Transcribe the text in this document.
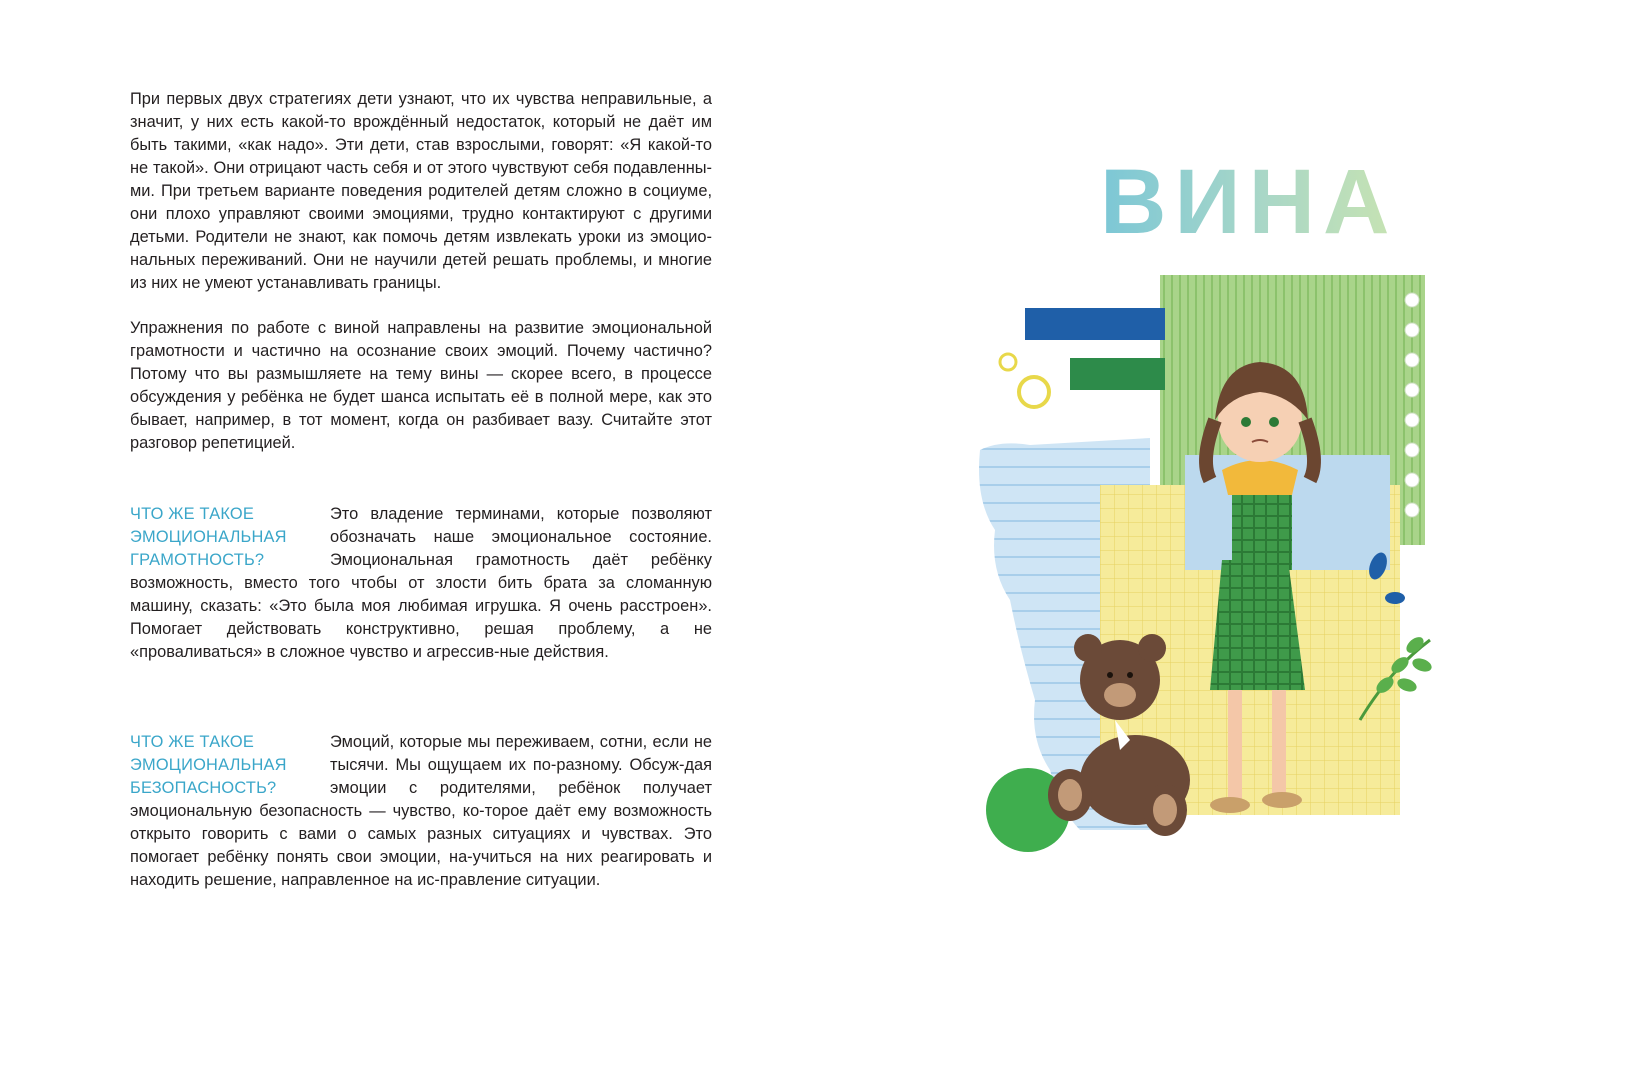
При первых двух стратегиях дети узнают, что их чувства неправильные, а значит, у них есть какой-то врождённый недостаток, который не даёт им быть такими, «как надо». Эти дети, став взрослыми, говорят: «Я какой-то не такой». Они отрицают часть себя и от этого чувствуют себя подавленны-ми. При третьем варианте поведения родителей детям сложно в социуме, они плохо управляют своими эмоциями, трудно контактируют с другими детьми. Родители не знают, как помочь детям извлекать уроки из эмоцио-нальных переживаний. Они не научили детей решать проблемы, и многие из них не умеют устанавливать границы.

Упражнения по работе с виной направлены на развитие эмоциональной грамотности и частично на осознание своих эмоций. Почему частично? Потому что вы размышляете на тему вины — скорее всего, в процессе обсуждения у ребёнка не будет шанса испытать её в полной мере, как это бывает, например, в тот момент, когда он разбивает вазу. Считайте этот разговор репетицией.

ЧТО ЖЕ ТАКОЕ ЭМОЦИОНАЛЬНАЯ ГРАМОТНОСТЬ?

Это владение терминами, которые позволяют обозначать наше эмоциональное состояние. Эмоциональная грамотность даёт ребёнку возможность, вместо того чтобы от злости бить брата за сломанную машину, сказать: «Это была моя любимая игрушка. Я очень расстроен». Помогает действовать конструктивно, решая проблему, а не «проваливаться» в сложное чувство и агрессив-ные действия.

ЧТО ЖЕ ТАКОЕ ЭМОЦИОНАЛЬНАЯ БЕЗОПАСНОСТЬ?

Эмоций, которые мы переживаем, сотни, если не тысячи. Мы ощущаем их по-разному. Обсуж-дая эмоции с родителями, ребёнок получает эмоциональную безопасность — чувство, ко-торое даёт ему возможность открыто говорить с вами о самых разных ситуациях и чувствах. Это помогает ребёнку понять свои эмоции, на-учиться на них реагировать и находить решение, направленное на ис-правление ситуации.

ВИНА
